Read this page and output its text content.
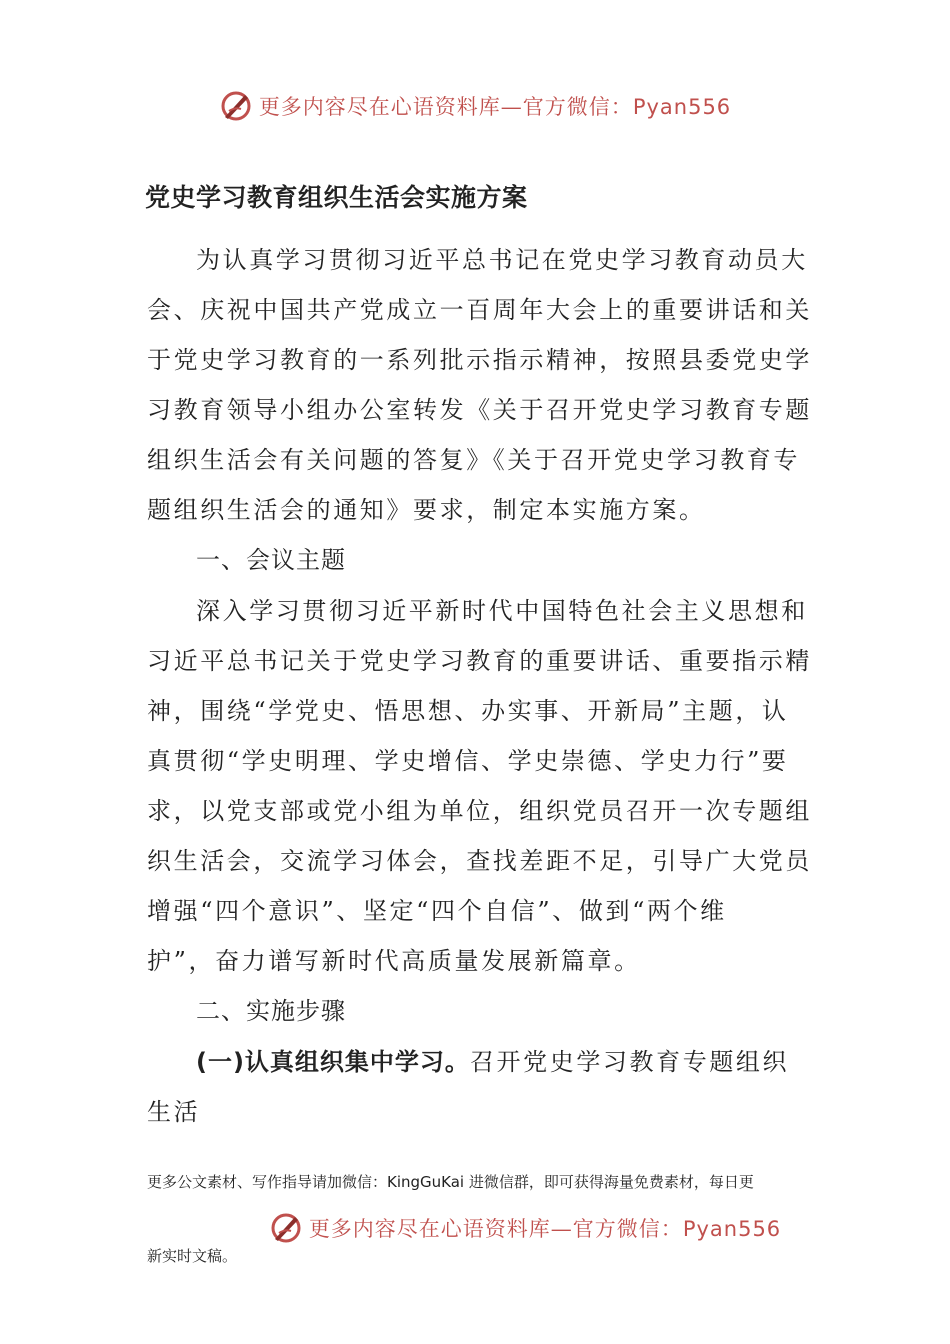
更多内容尽在心语资料库—官方微信：Pyan556
党史学习教育组织生活会实施方案
为认真学习贯彻习近平总书记在党史学习教育动员大
会、庆祝中国共产党成立一百周年大会上的重要讲话和关
于党史学习教育的一系列批示指示精神，按照县委党史学
习教育领导小组办公室转发《关于召开党史学习教育专题
组织生活会有关问题的答复》《关于召开党史学习教育专
题组织生活会的通知》要求，制定本实施方案。
一、会议主题
深入学习贯彻习近平新时代中国特色社会主义思想和
习近平总书记关于党史学习教育的重要讲话、重要指示精
神，围绕“学党史、悟思想、办实事、开新局”主题，认
真贯彻“学史明理、学史增信、学史崇德、学史力行”要
求，以党支部或党小组为单位，组织党员召开一次专题组
织生活会，交流学习体会，查找差距不足，引导广大党员
增强“四个意识”、坚定“四个自信”、做到“两个维
护”，奋力谱写新时代高质量发展新篇章。
二、实施步骤
(一)认真组织集中学习。召开党史学习教育专题组织
生活
更多公文素材、写作指导请加微信：KingGuKai 进微信群，即可获得海量免费素材，每日更
更多内容尽在心语资料库—官方微信：Pyan556
新实时文稿。
